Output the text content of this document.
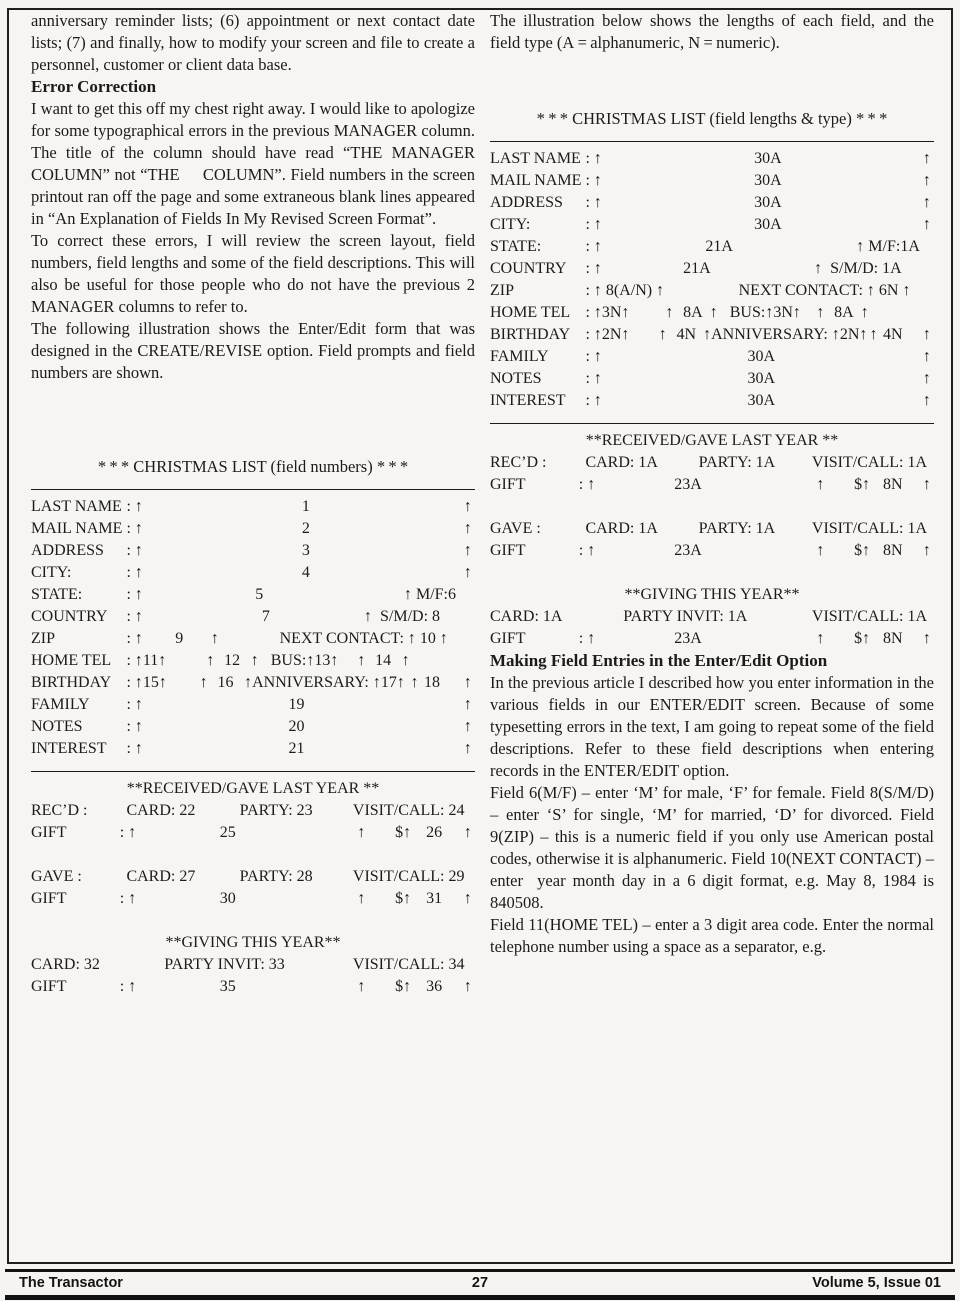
anniversary reminder lists; (6) appointment or next contact date lists; (7) and finally, how to modify your screen and file to create a personnel, customer or client data base.

Error Correction

I want to get this off my chest right away. I would like to apologize for some typographical errors in the previous MANAGER column. The title of the column should have read “THE MANAGER COLUMN” not “THE     COLUMN”. Field numbers in the screen printout ran off the page and some extraneous blank lines appeared in “An Explanation of Fields In My Revised Screen Format”.

To correct these errors, I will review the screen layout, field numbers, field lengths and some of the field descriptions. This will also be useful for those people who do not have the previous 2 MANAGER columns to refer to.

The following illustration shows the Enter/Edit form that was designed in the CREATE/REVISE option. Field prompts and field numbers are shown.

* * * CHRISTMAS LIST (field numbers) * * *
LAST NAME : ↑	1	↑
MAIL NAME : ↑	2	↑
ADDRESS : ↑	3	↑
CITY:	: ↑	4	↑
STATE:	: ↑	5	↑ M/F:6
COUNTRY : ↑	7	↑  S/M/D: 8
ZIP	: ↑ 9 ↑	NEXT CONTACT: ↑ 10 ↑
HOME TEL : ↑11↑	↑ 12 ↑ BUS:↑13↑ ↑ 14 ↑
BIRTHDAY : ↑15↑ ↑ 16 ↑ANNIVERSARY: ↑17↑ ↑ 18 ↑
FAMILY : ↑	19	↑
NOTES	: ↑	20	↑
INTEREST : ↑	21	↑
**RECEIVED/GAVE LAST YEAR **
REC’D : CARD: 22	PARTY: 23	VISIT/CALL: 24
GIFT	: ↑	25	↑ $↑ 26 ↑
GAVE :	CARD: 27	PARTY: 28	VISIT/CALL: 29
GIFT	: ↑	30	↑ $↑ 31 ↑
**GIVING THIS YEAR**
CARD: 32	PARTY INVIT: 33	VISIT/CALL: 34
GIFT	: ↑	35	↑ $↑ 36 ↑

The illustration below shows the lengths of each field, and the field type (A = alphanumeric, N = numeric).

* * * CHRISTMAS LIST (field lengths & type) * * *
LAST NAME : ↑	30A	↑
MAIL NAME : ↑	30A	↑
ADDRESS : ↑	30A	↑
CITY:	: ↑	30A	↑
STATE:	: ↑	21A	↑ M/F:1A
COUNTRY : ↑	21A	↑  S/M/D: 1A
ZIP	: ↑ 8(A/N) ↑	NEXT CONTACT: ↑ 6N ↑
HOME TEL : ↑3N↑ ↑ 8A ↑ BUS:↑3N↑ ↑ 8A ↑
BIRTHDAY : ↑2N↑ ↑ 4N ↑ANNIVERSARY: ↑2N↑ ↑ 4N ↑
FAMILY : ↑	30A	↑
NOTES	: ↑	30A	↑
INTEREST : ↑	30A	↑
**RECEIVED/GAVE LAST YEAR **
REC’D : CARD: 1A	PARTY: 1A VISIT/CALL: 1A
GIFT	: ↑	23A	↑ $↑ 8N ↑
GAVE :	CARD: 1A	PARTY: 1A VISIT/CALL: 1A
GIFT	: ↑	23A	↑ $↑ 8N ↑
**GIVING THIS YEAR**
CARD: 1A	PARTY INVIT: 1A	VISIT/CALL: 1A
GIFT	: ↑	23A	↑ $↑ 8N ↑
Making Field Entries in the Enter/Edit Option

In the previous article I described how you enter information in the various fields in our ENTER/EDIT screen. Because of some typesetting errors in the text, I am going to repeat some of the field descriptions. Refer to these field descriptions when entering records in the ENTER/EDIT option.

Field 6(M/F) – enter ‘M’ for male, ‘F’ for female. Field 8(S/M/D) – enter ‘S’ for single, ‘M’ for married, ‘D’ for divorced. Field 9(ZIP) – this is a numeric field if you only use American postal codes, otherwise it is alphanumeric. Field 10(NEXT CONTACT) – enter  year month day in a 6 digit format, e.g. May 8, 1984 is 840508.

Field 11(HOME TEL) – enter a 3 digit area code. Enter the normal telephone number using a space as a separator, e.g.

The Transactor	27	Volume 5, Issue 01
